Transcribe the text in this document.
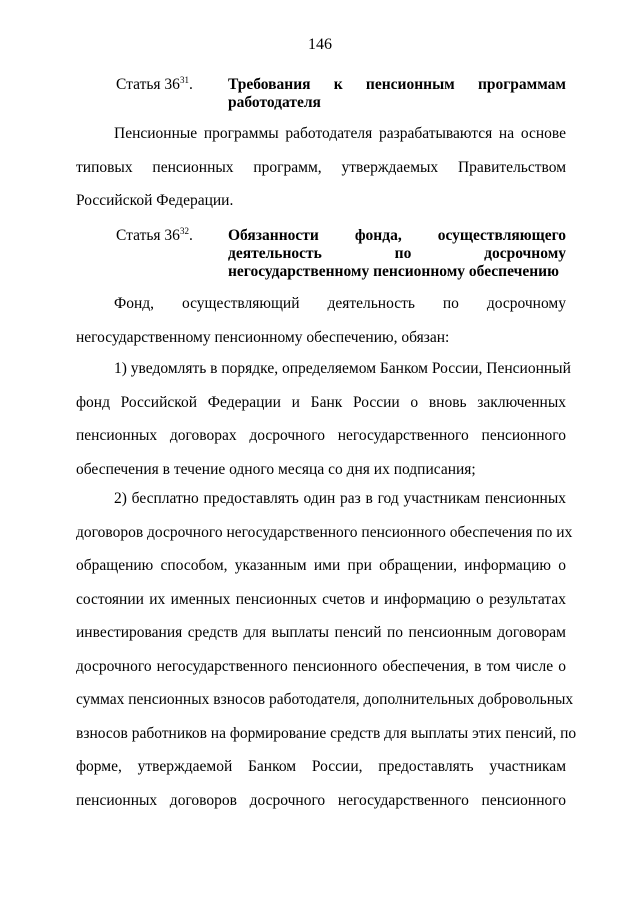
146
Статья $36^{31}$. Требования к пенсионным программам
работодателя
Пенсионные программы работодателя разрабатываются на основе
типовых пенсионных программ, утверждаемых Правительством
Российской Федерации.
Статья $36^{32}$. Обязанности фонда, осуществляющего
деятельность по досрочному
негосударственному пенсионному обеспечению
Фонд, осуществляющий деятельность по досрочному
негосударственному пенсионному обеспечению, обязан:
1) уведомлять в порядке, определяемом Банком России, Пенсионный
фонд Российской Федерации и Банк России о вновь заключенных
пенсионных договорах досрочного негосударственного пенсионного
обеспечения в течение одного месяца со дня их подписания;
2) бесплатно предоставлять один раз в год участникам пенсионных
договоров досрочного негосударственного пенсионного обеспечения по их
обращению способом, указанным ими при обращении, информацию о
состоянии их именных пенсионных счетов и информацию о результатах
инвестирования средств для выплаты пенсий по пенсионным договорам
досрочного негосударственного пенсионного обеспечения, в том числе о
суммах пенсионных взносов работодателя, дополнительных добровольных
взносов работников на формирование средств для выплаты этих пенсий, по
форме, утверждаемой Банком России, предоставлять участникам
пенсионных договоров досрочного негосударственного пенсионного
